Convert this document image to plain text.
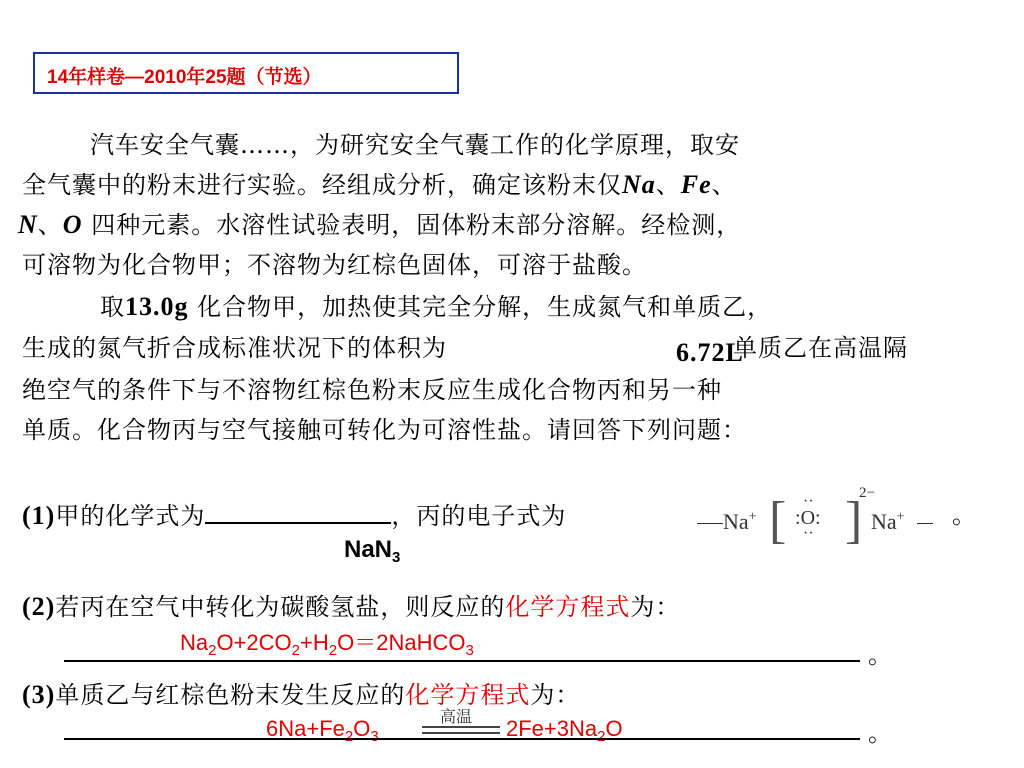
14年样卷—2010年25题（节选）
汽车安全气囊……，为研究安全气囊工作的化学原理，取安
全气囊中的粉末进行实验。经组成分析，确定该粉末仅Na、Fe、
N、O 四种元素。水溶性试验表明，固体粉末部分溶解。经检测，
可溶物为化合物甲；不溶物为红棕色固体，可溶于盐酸。
取13.0g 化合物甲，加热使其完全分解，生成氮气和单质乙，
生成的氮气折合成标准状况下的体积为	6.72L
单质乙在高温隔
绝空气的条件下与不溶物红棕色粉末反应生成化合物丙和另一种
单质。化合物丙与空气接触可转化为可溶性盐。请回答下列问题：
(1)甲的化学式为	，丙的电子式为	。
NaN$_3$
Na+ [ :O:
··
·· ]
2−
Na+
(2)若丙在空气中转化为碳酸氢盐，则反应的化学方程式为：
$Na_2O+2CO_2+H_2O=2NaHCO_3$	。
(3)单质乙与红棕色粉末发生反应的化学方程式为：
$6Na+Fe_2O_3$
高温 $2Fe+3Na_2O$	。
